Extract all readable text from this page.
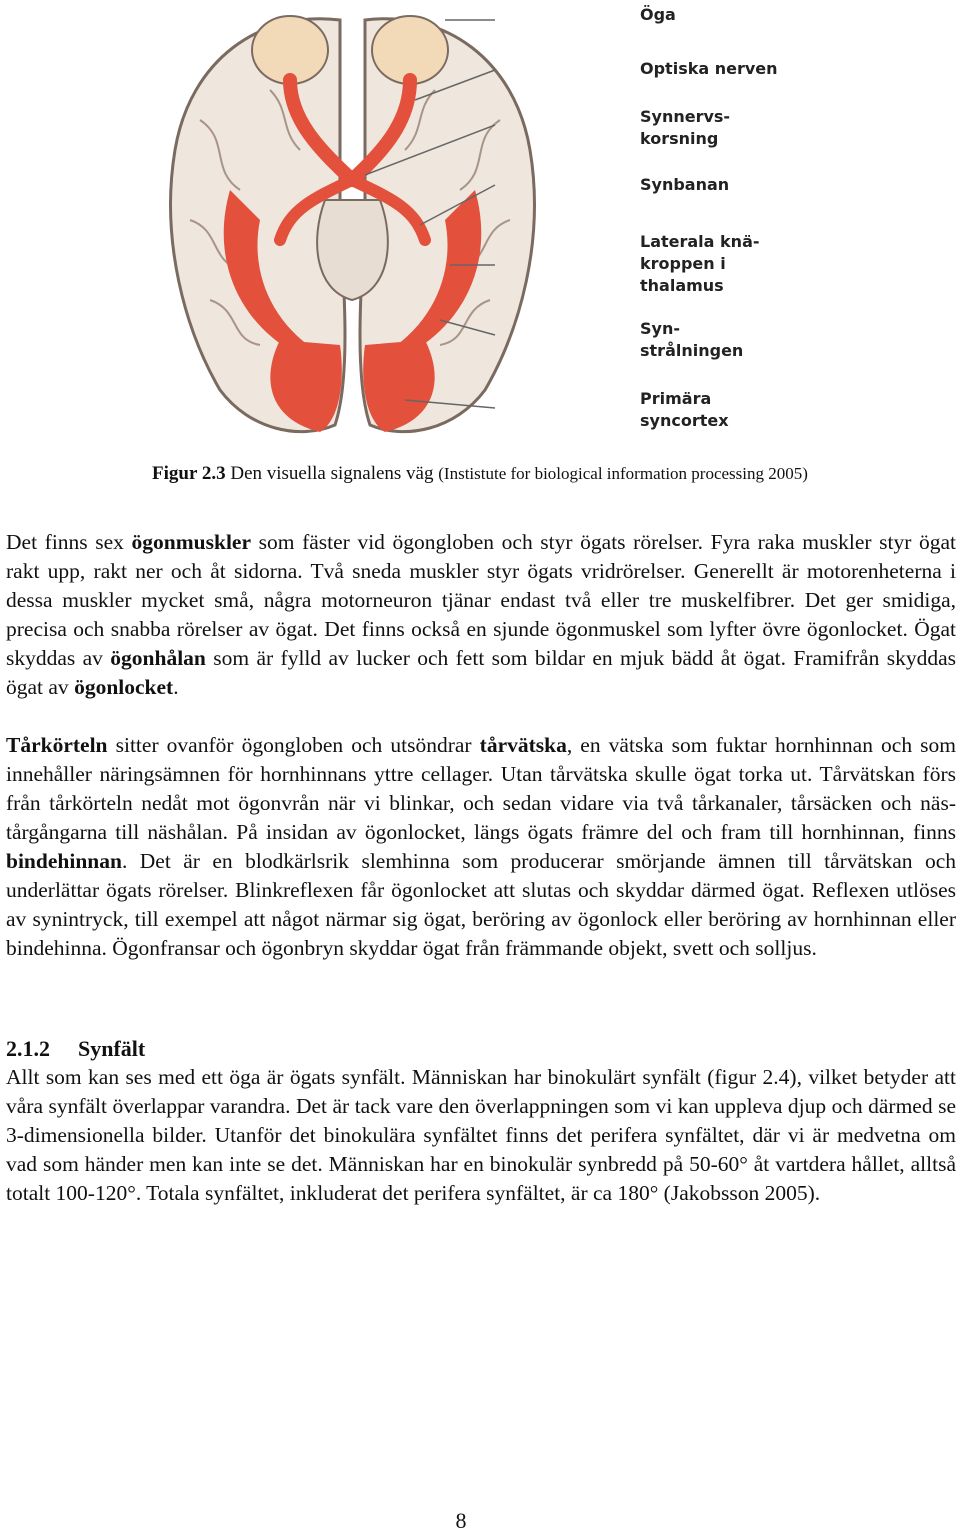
Öga
Optiska nerven
Synnervs-
korsning
Synbanan
Laterala knä-
kroppen i
thalamus
Syn-
strålningen
Primära
syncortex
Figur 2.3 Den visuella signalens väg (Instistute for biological information processing 2005)

Det finns sex ögonmuskler som fäster vid ögongloben och styr ögats rörelser. Fyra raka muskler styr ögat rakt upp, rakt ner och åt sidorna. Två sneda muskler styr ögats vridrörelser. Generellt är motorenheterna i dessa muskler mycket små, några motorneuron tjänar endast två eller tre muskelfibrer. Det ger smidiga, precisa och snabba rörelser av ögat. Det finns också en sjunde ögonmuskel som lyfter övre ögonlocket. Ögat skyddas av ögonhålan som är fylld av lucker och fett som bildar en mjuk bädd åt ögat. Framifrån skyddas ögat av ögonlocket.

Tårkörteln sitter ovanför ögongloben och utsöndrar tårvätska, en vätska som fuktar hornhinnan och som innehåller näringsämnen för hornhinnans yttre cellager. Utan tårvätska skulle ögat torka ut. Tårvätskan förs från tårkörteln nedåt mot ögonvrån när vi blinkar, och sedan vidare via två tårkanaler, tårsäcken och näs-tårgångarna till näshålan. På insidan av ögonlocket, längs ögats främre del och fram till hornhinnan, finns bindehinnan. Det är en blodkärlsrik slemhinna som producerar smörjande ämnen till tårvätskan och underlättar ögats rörelser. Blinkreflexen får ögonlocket att slutas och skyddar därmed ögat. Reflexen utlöses av synintryck, till exempel att något närmar sig ögat, beröring av ögonlock eller beröring av hornhinnan eller bindehinna. Ögonfransar och ögonbryn skyddar ögat från främmande objekt, svett och solljus.

2.1.2 Synfält

Allt som kan ses med ett öga är ögats synfält. Människan har binokulärt synfält (figur 2.4), vilket betyder att våra synfält överlappar varandra. Det är tack vare den överlappningen som vi kan uppleva djup och därmed se 3-dimensionella bilder. Utanför det binokulära synfältet finns det perifera synfältet, där vi är medvetna om vad som händer men kan inte se det. Människan har en binokulär synbredd på 50-60° åt vartdera hållet, alltså totalt 100-120°. Totala synfältet, inkluderat det perifera synfältet, är ca 180° (Jakobsson 2005).

8
